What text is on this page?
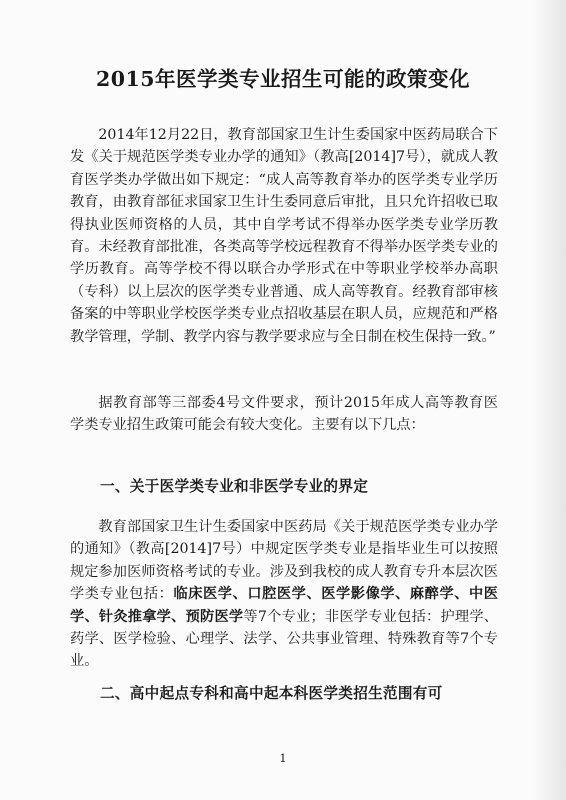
2015年医学类专业招生可能的政策变化

2014年12月22日，教育部国家卫生计生委国家中医药局联合下发《关于规范医学类专业办学的通知》（教高[2014]7号），就成人教育医学类办学做出如下规定：“成人高等教育举办的医学类专业学历教育，由教育部征求国家卫生计生委同意后审批，且只允许招收已取得执业医师资格的人员，其中自学考试不得举办医学类专业学历教育。未经教育部批准，各类高等学校远程教育不得举办医学类专业的学历教育。高等学校不得以联合办学形式在中等职业学校举办高职（专科）以上层次的医学类专业普通、成人高等教育。经教育部审核备案的中等职业学校医学类专业点招收基层在职人员，应规范和严格教学管理，学制、教学内容与教学要求应与全日制在校生保持一致。”

据教育部等三部委4号文件要求，预计2015年成人高等教育医学类专业招生政策可能会有较大变化。主要有以下几点：

一、关于医学类专业和非医学专业的界定

教育部国家卫生计生委国家中医药局《关于规范医学类专业办学的通知》（教高[2014]7号）中规定医学类专业是指毕业生可以按照规定参加医师资格考试的专业。涉及到我校的成人教育专升本层次医学类专业包括：临床医学、口腔医学、医学影像学、麻醉学、中医学、针灸推拿学、预防医学等7个专业；非医学专业包括：护理学、药学、医学检验、心理学、法学、公共事业管理、特殊教育等7个专业。

二、高中起点专科和高中起本科医学类招生范围有可
1
